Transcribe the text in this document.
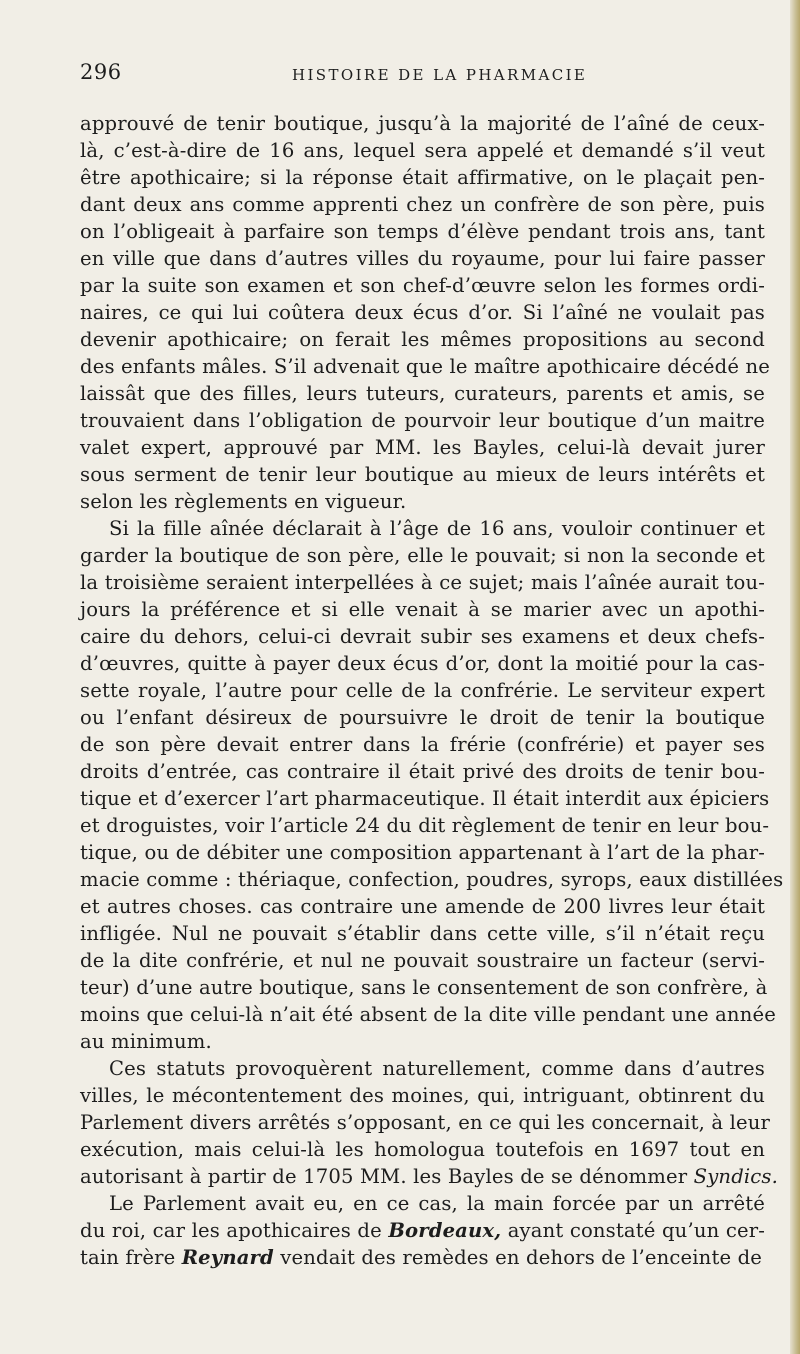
296	HISTOIRE DE LA PHARMACIE
approuvé de tenir boutique, jusqu’à la majorité de l’aîné de ceux-
là, c’est-à-dire de 16 ans, lequel sera appelé et demandé s’il veut
être apothicaire; si la réponse était affirmative, on le plaçait pen-
dant deux ans comme apprenti chez un confrère de son père, puis
on l’obligeait à parfaire son temps d’élève pendant trois ans, tant
en ville que dans d’autres villes du royaume, pour lui faire passer
par la suite son examen et son chef-d’œuvre selon les formes ordi-
naires, ce qui lui coûtera deux écus d’or. Si l’aîné ne voulait pas
devenir apothicaire; on ferait les mêmes propositions au second
des enfants mâles. S’il advenait que le maître apothicaire décédé ne
laissât que des filles, leurs tuteurs, curateurs, parents et amis, se
trouvaient dans l’obligation de pourvoir leur boutique d’un maitre
valet expert, approuvé par MM. les Bayles, celui-là devait jurer
sous serment de tenir leur boutique au mieux de leurs intérêts et
selon les règlements en vigueur.
Si la fille aînée déclarait à l’âge de 16 ans, vouloir continuer et
garder la boutique de son père, elle le pouvait; si non la seconde et
la troisième seraient interpellées à ce sujet; mais l’aînée aurait tou-
jours la préférence et si elle venait à se marier avec un apothi-
caire du dehors, celui-ci devrait subir ses examens et deux chefs-
d’œuvres, quitte à payer deux écus d’or, dont la moitié pour la cas-
sette royale, l’autre pour celle de la confrérie. Le serviteur expert
ou l’enfant désireux de poursuivre le droit de tenir la boutique
de son père devait entrer dans la frérie (confrérie) et payer ses
droits d’entrée, cas contraire il était privé des droits de tenir bou-
tique et d’exercer l’art pharmaceutique. Il était interdit aux épiciers
et droguistes, voir l’article 24 du dit règlement de tenir en leur bou-
tique, ou de débiter une composition appartenant à l’art de la phar-
macie comme : thériaque, confection, poudres, syrops, eaux distillées
et autres choses. cas contraire une amende de 200 livres leur était
infligée. Nul ne pouvait s’établir dans cette ville, s’il n’était reçu
de la dite confrérie, et nul ne pouvait soustraire un facteur (servi-
teur) d’une autre boutique, sans le consentement de son confrère, à
moins que celui-là n’ait été absent de la dite ville pendant une année
au minimum.
Ces statuts provoquèrent naturellement, comme dans d’autres
villes, le mécontentement des moines, qui, intriguant, obtinrent du
Parlement divers arrêtés s’opposant, en ce qui les concernait, à leur
exécution, mais celui-là les homologua toutefois en 1697 tout en
autorisant à partir de 1705 MM. les Bayles de se dénommer Syndics.
Le Parlement avait eu, en ce cas, la main forcée par un arrêté
du roi, car les apothicaires de Bordeaux, ayant constaté qu’un cer-
tain frère Reynard vendait des remèdes en dehors de l’enceinte de
